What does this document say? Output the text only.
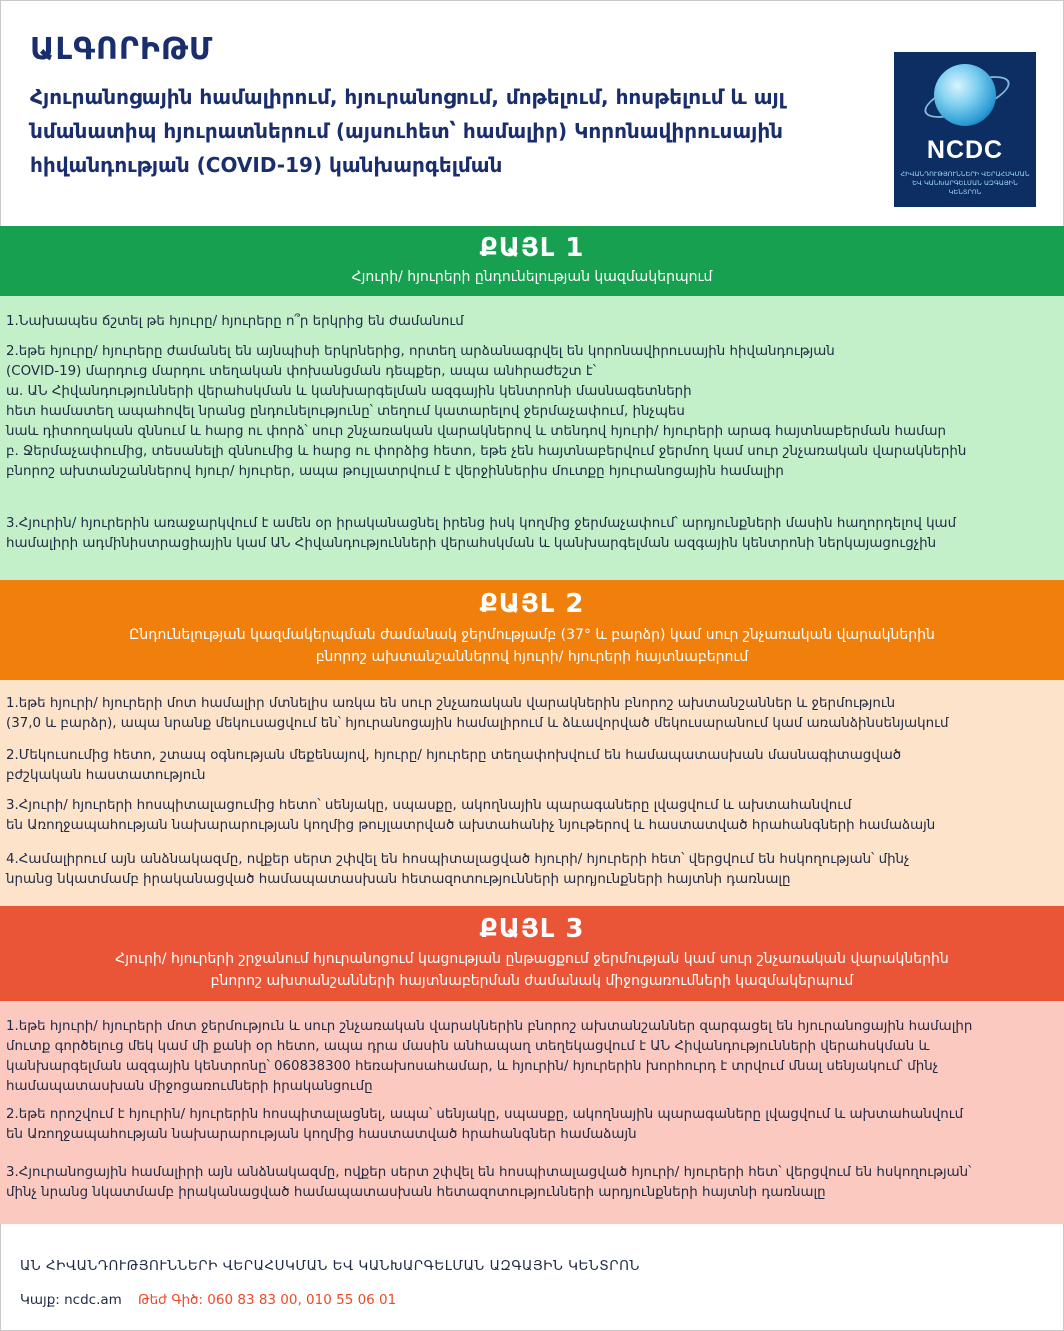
ԱԼԳՈՐԻԹՄ
Հյուրանոցային համալիրում, հյուրանոցում, մոթելում, հոսթելում և այլ նմանատիպ հյուրատներում (այսուհետ՝ համալիր) Կորոնավիրուսային հիվանդության (COVID-19) կանխարգելման
NCDC
ՀԻՎԱՆԴՈՒԹՅՈՒՆՆԵՐԻ ՎԵՐԱՀՍԿՄԱՆ ԵՎ ԿԱՆԽԱՐԳԵԼՄԱՆ ԱԶԳԱՅԻՆ ԿԵՆՏՐՈՆ
ՔԱՅԼ 1
Հյուրի/ հյուրերի ընդունելության կազմակերպում
1.Նախապես ճշտել թե հյուրը/ հյուրերը ո՞ր երկրից են ժամանում
2.եթե հյուրը/ հյուրերը ժամանել են այնպիսի երկրներից, որտեղ արձանագրվել են կորոնավիրուսային հիվանդության
(COVID-19) մարդուց մարդու տեղական փոխանցման դեպքեր, ապա անհրաժեշտ է՝
ա. ԱՆ Հիվանդությունների վերահսկման և կանխարգելման ազգային կենտրոնի մասնագետների
հետ համատեղ ապահովել նրանց ընդունելությունը՝ տեղում կատարելով ջերմաչափում, ինչպես
նաև դիտողական զննում և հարց ու փորձ՝ սուր շնչառական վարակներով և տենդով հյուրի/ հյուրերի արագ հայտնաբերման համար
բ. Ջերմաչափումից, տեսանելի զննումից և հարց ու փորձից հետո, եթե չեն հայտնաբերվում ջերմող կամ սուր շնչառական վարակներին
բնորոշ ախտանշաններով հյուր/ հյուրեր, ապա թույլատրվում է վերջիններիս մուտքը հյուրանոցային համալիր
3.Հյուրին/ հյուրերին առաջարկվում է ամեն օր իրականացնել իրենց իսկ կողմից ջերմաչափում՝ արդյունքների մասին հաղորդելով կամ
համալիրի ադմինիստրացիային կամ ԱՆ Հիվանդությունների վերահսկման և կանխարգելման ազգային կենտրոնի ներկայացուցչին
ՔԱՅԼ 2
Ընդունելության կազմակերպման ժամանակ ջերմությամբ (37° և բարձր) կամ սուր շնչառական վարակներին
բնորոշ ախտանշաններով հյուրի/ հյուրերի հայտնաբերում
1.եթե հյուրի/ հյուրերի մոտ համալիր մտնելիս առկա են սուր շնչառական վարակներին բնորոշ ախտանշաններ և ջերմություն
(37,0 և բարձր), ապա նրանք մեկուսացվում են՝ հյուրանոցային համալիրում և ձևավորված մեկուսարանում կամ առանձինսենյակում
2.Մեկուսումից հետո, շտապ օգնության մեքենայով, հյուրը/ հյուրերը տեղափոխվում են համապատասխան մասնագիտացված
բժշկական հաստատություն
3.Հյուրի/ հյուրերի հոսպիտալացումից հետո՝ սենյակը, սպասքը, ակողնային պարագաները լվացվում և ախտահանվում
են Առողջապահության նախարարության կողմից թույլատրված ախտահանիչ նյութերով և հաստատված հրահանգների համաձայն
4.Համալիրում այն անձնակազմը, ովքեր սերտ շփվել են հոսպիտալացված հյուրի/ հյուրերի հետ՝ վերցվում են հսկողության՝ մինչ
նրանց նկատմամբ իրականացված համապատասխան հետազոտությունների արդյունքների հայտնի դառնալը
ՔԱՅԼ 3
Հյուրի/ հյուրերի շրջանում հյուրանոցում կացության ընթացքում ջերմության կամ սուր շնչառական վարակներին
բնորոշ ախտանշանների հայտնաբերման ժամանակ միջոցառումների կազմակերպում
1.եթե հյուրի/ հյուրերի մոտ ջերմություն և սուր շնչառական վարակներին բնորոշ ախտանշաններ զարգացել են հյուրանոցային համալիր
մուտք գործելուց մեկ կամ մի քանի օր հետո, ապա դրա մասին անհապաղ տեղեկացվում է ԱՆ Հիվանդությունների վերահսկման և
կանխարգելման ազգային կենտրոնը՝ 060838300 հեռախոսահամար, և հյուրին/ հյուրերին խորհուրդ է տրվում մնալ սենյակում՝ մինչ
համապատասխան միջոցառումների իրականցումը
2.եթե որոշվում է հյուրին/ հյուրերին հոսպիտալացնել, ապա՝ սենյակը, սպասքը, ակողնային պարագաները լվացվում և ախտահանվում
են Առողջապահության նախարարության կողմից հաստատված հրահանգներ համաձայն
3.Հյուրանոցային համալիրի այն անձնակազմը, ովքեր սերտ շփվել են հոսպիտալացված հյուրի/ հյուրերի հետ՝ վերցվում են հսկողության՝
մինչ նրանց նկատմամբ իրականացված համապատասխան հետազոտությունների արդյունքների հայտնի դառնալը
ԱՆ ՀԻՎԱՆԴՈՒԹՅՈՒՆՆԵՐԻ ՎԵՐԱՀՍԿՄԱՆ ԵՎ ԿԱՆԽԱՐԳԵԼՄԱՆ ԱԶԳԱՅԻՆ ԿԵՆՏՐՈՆ
Կայք: ncdc.am Թեժ Գիծ: 060 83 83 00, 010 55 06 01
